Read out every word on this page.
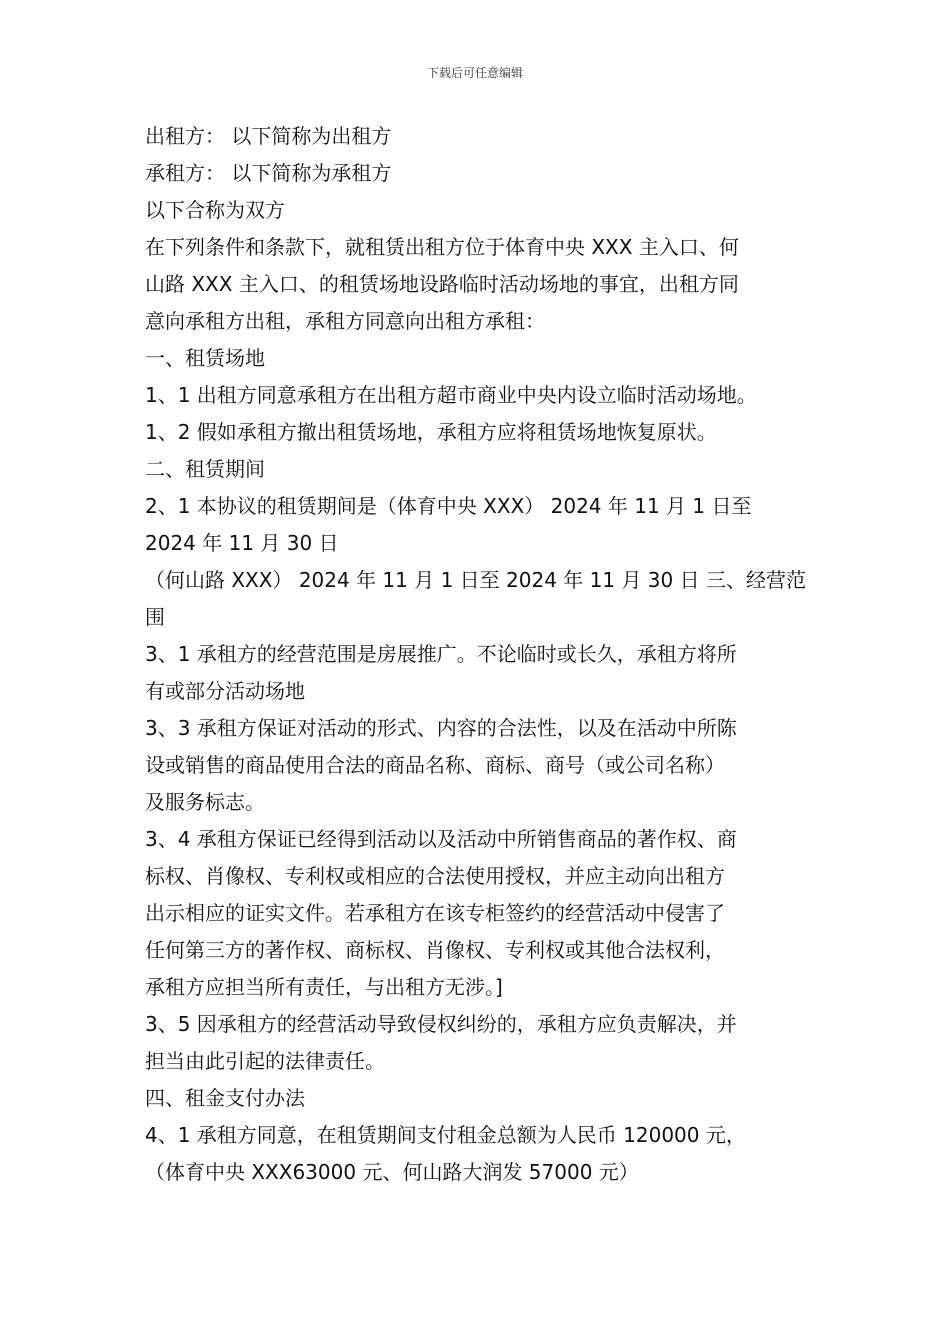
下载后可任意编辑
出租方： 以下简称为出租方
承租方： 以下简称为承租方
以下合称为双方
在下列条件和条款下，就租赁出租方位于体育中央 XXX 主入口、何
山路 XXX 主入口、的租赁场地设路临时活动场地的事宜，出租方同
意向承租方出租，承租方同意向出租方承租：
一、租赁场地
1、1 出租方同意承租方在出租方超市商业中央内设立临时活动场地。
1、2 假如承租方撤出租赁场地，承租方应将租赁场地恢复原状。
二、租赁期间
2、1 本协议的租赁期间是（体育中央 XXX） 2024 年 11 月 1 日至
2024 年 11 月 30 日
（何山路 XXX） 2024 年 11 月 1 日至 2024 年 11 月 30 日 三、经营范
围
3、1 承租方的经营范围是房展推广。不论临时或长久，承租方将所
有或部分活动场地
3、3 承租方保证对活动的形式、内容的合法性，以及在活动中所陈
设或销售的商品使用合法的商品名称、商标、商号（或公司名称）
及服务标志。
3、4 承租方保证已经得到活动以及活动中所销售商品的著作权、商
标权、肖像权、专利权或相应的合法使用授权，并应主动向出租方
出示相应的证实文件。若承租方在该专柜签约的经营活动中侵害了
任何第三方的著作权、商标权、肖像权、专利权或其他合法权利，
承租方应担当所有责任，与出租方无涉。]
3、5 因承租方的经营活动导致侵权纠纷的，承租方应负责解决，并
担当由此引起的法律责任。
四、租金支付办法
4、1 承租方同意，在租赁期间支付租金总额为人民币 120000 元，
（体育中央 XXX63000 元、何山路大润发 57000 元）
